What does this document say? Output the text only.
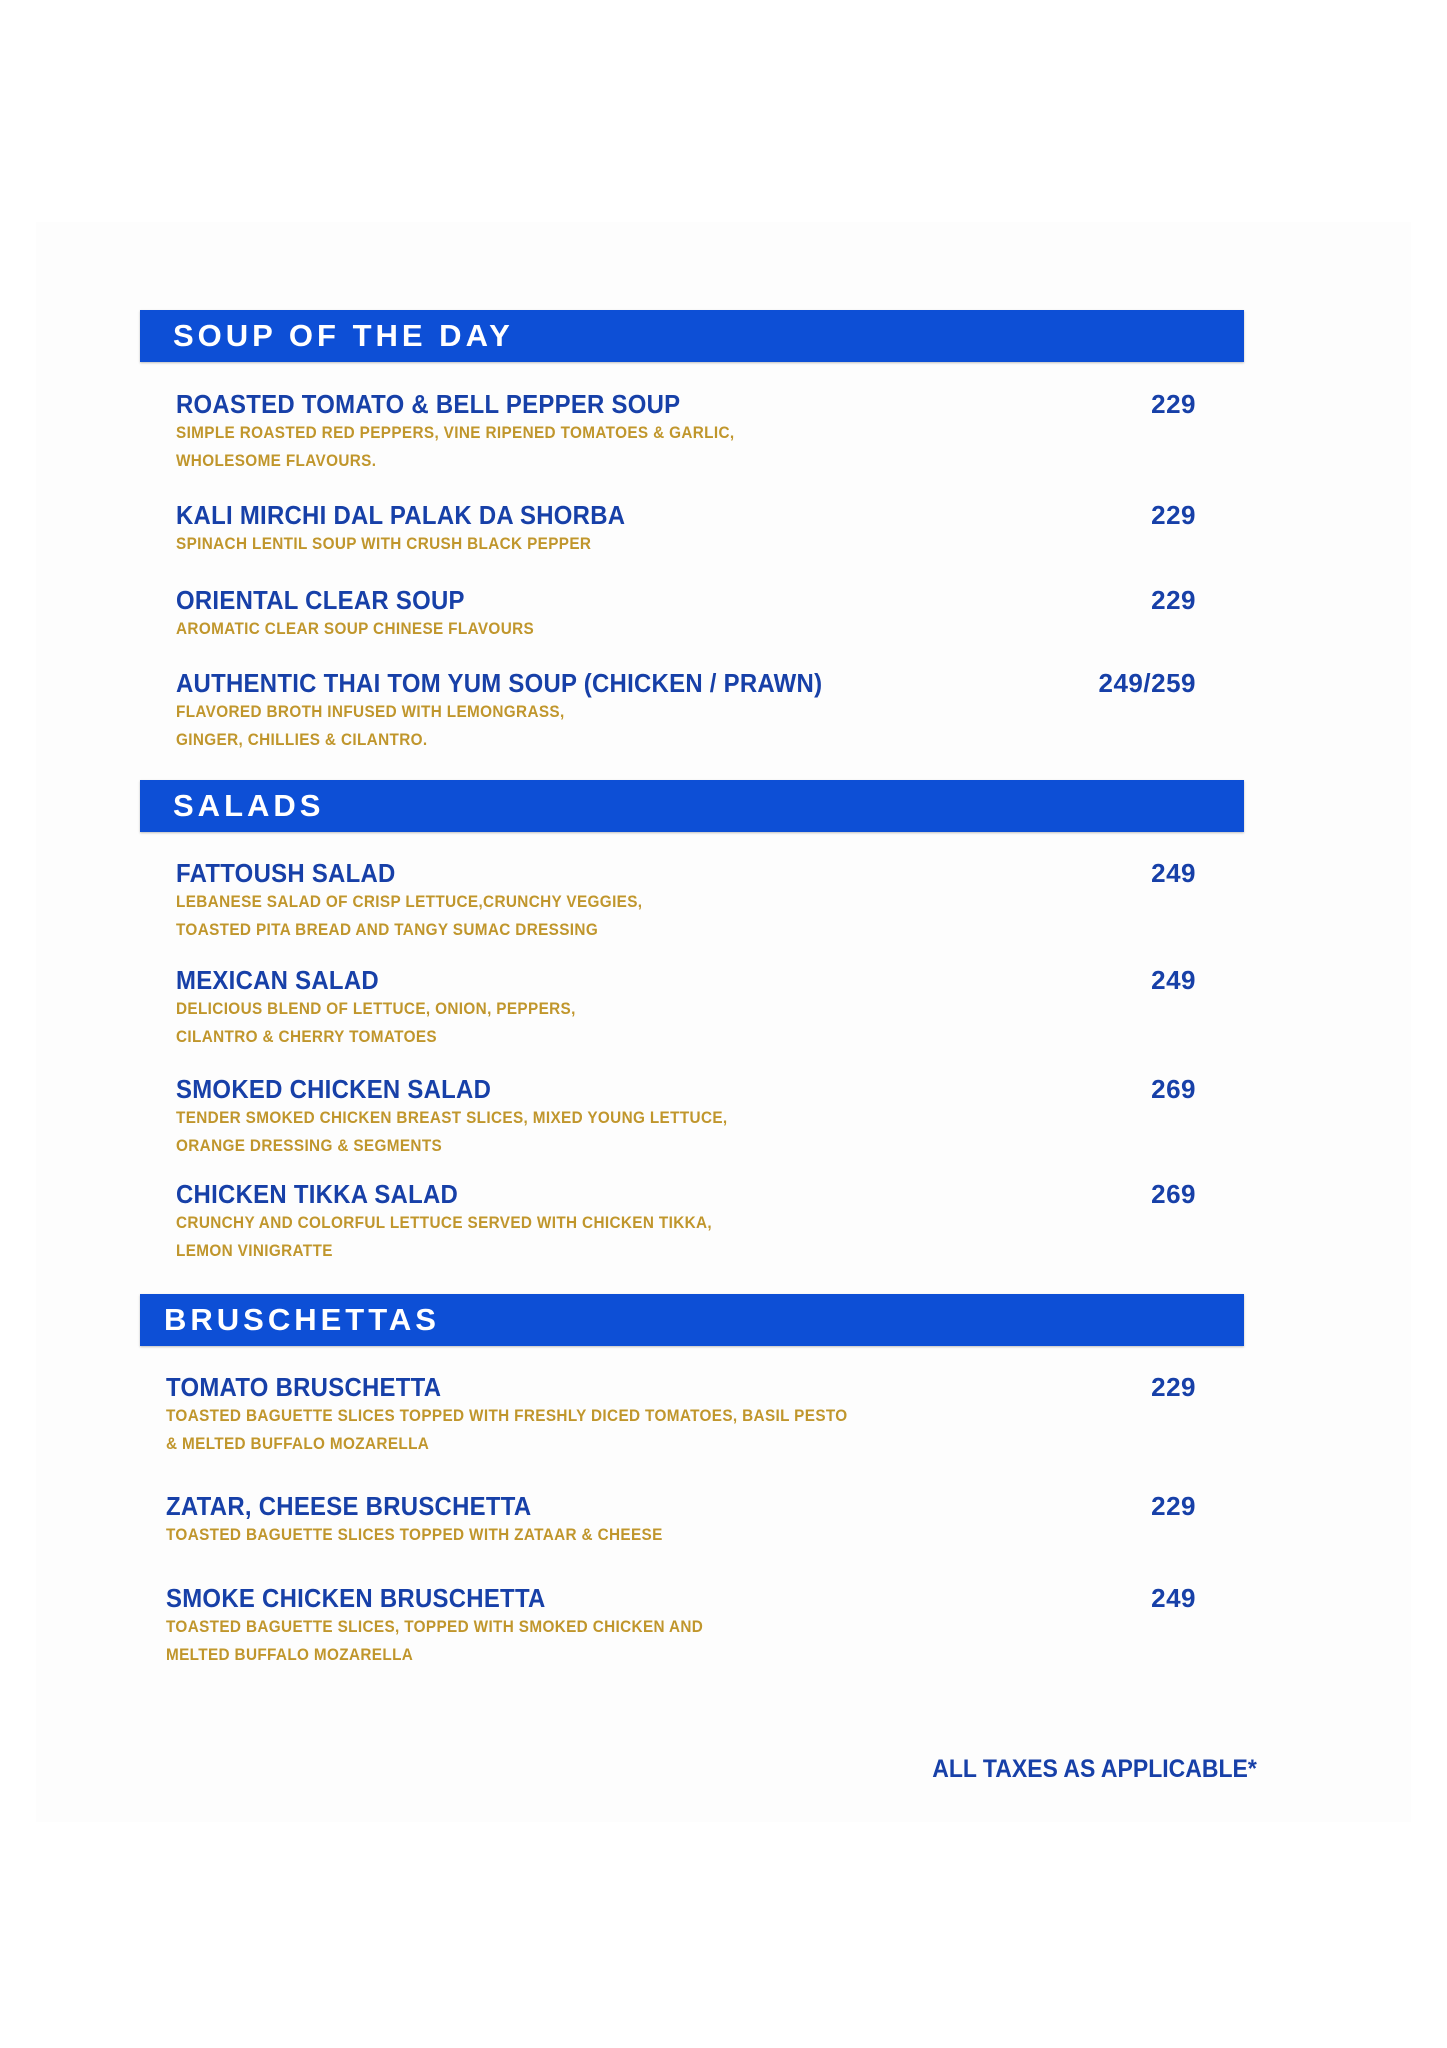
SOUP OF THE DAY
ROASTED TOMATO & BELL PEPPER SOUP
SIMPLE ROASTED RED PEPPERS, VINE RIPENED TOMATOES & GARLIC,
WHOLESOME FLAVOURS.
229
KALI MIRCHI DAL PALAK DA SHORBA
SPINACH LENTIL SOUP WITH CRUSH BLACK PEPPER
229
ORIENTAL CLEAR SOUP
AROMATIC CLEAR SOUP CHINESE FLAVOURS
229
AUTHENTIC THAI TOM YUM SOUP (CHICKEN / PRAWN)
FLAVORED BROTH INFUSED WITH LEMONGRASS,
GINGER, CHILLIES & CILANTRO.
249/259
SALADS
FATTOUSH SALAD
LEBANESE SALAD OF CRISP LETTUCE,CRUNCHY VEGGIES,
TOASTED PITA BREAD AND TANGY SUMAC DRESSING
249
MEXICAN SALAD
DELICIOUS BLEND OF LETTUCE, ONION, PEPPERS,
CILANTRO & CHERRY TOMATOES
249
SMOKED CHICKEN SALAD
TENDER SMOKED CHICKEN BREAST SLICES, MIXED YOUNG LETTUCE,
ORANGE DRESSING & SEGMENTS
269
CHICKEN TIKKA SALAD
CRUNCHY AND COLORFUL LETTUCE SERVED WITH CHICKEN TIKKA,
LEMON VINIGRATTE
269
BRUSCHETTAS
TOMATO BRUSCHETTA
TOASTED BAGUETTE SLICES TOPPED WITH FRESHLY DICED TOMATOES, BASIL PESTO
& MELTED BUFFALO MOZARELLA
229
ZATAR, CHEESE BRUSCHETTA
TOASTED BAGUETTE SLICES TOPPED WITH ZATAAR & CHEESE
229
SMOKE CHICKEN BRUSCHETTA
TOASTED BAGUETTE SLICES, TOPPED WITH SMOKED CHICKEN AND
MELTED BUFFALO MOZARELLA
249
ALL TAXES AS APPLICABLE*
